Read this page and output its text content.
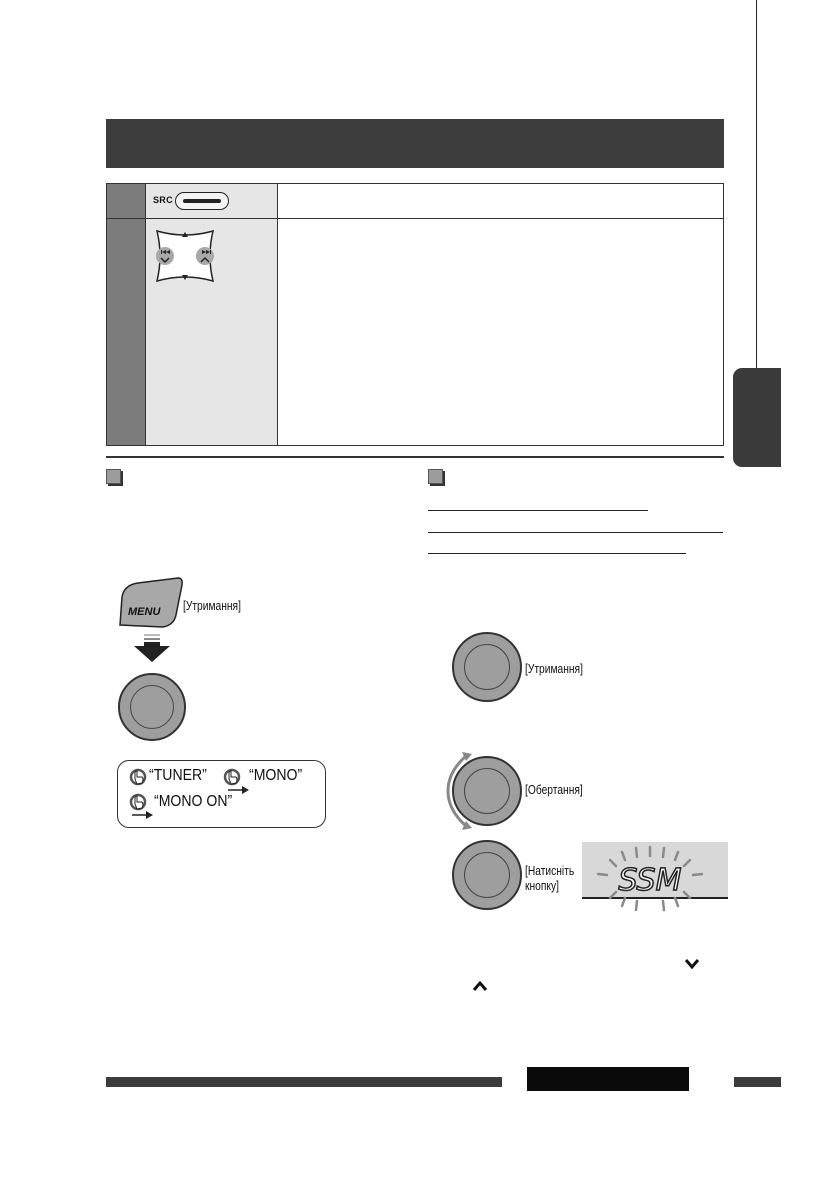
	SRC	

MENU [Утримання]
“TUNER”	“MONO”
“MONO ON”
[Утримання]
[Обертання]
[Натисніть
кнопку] SSM
